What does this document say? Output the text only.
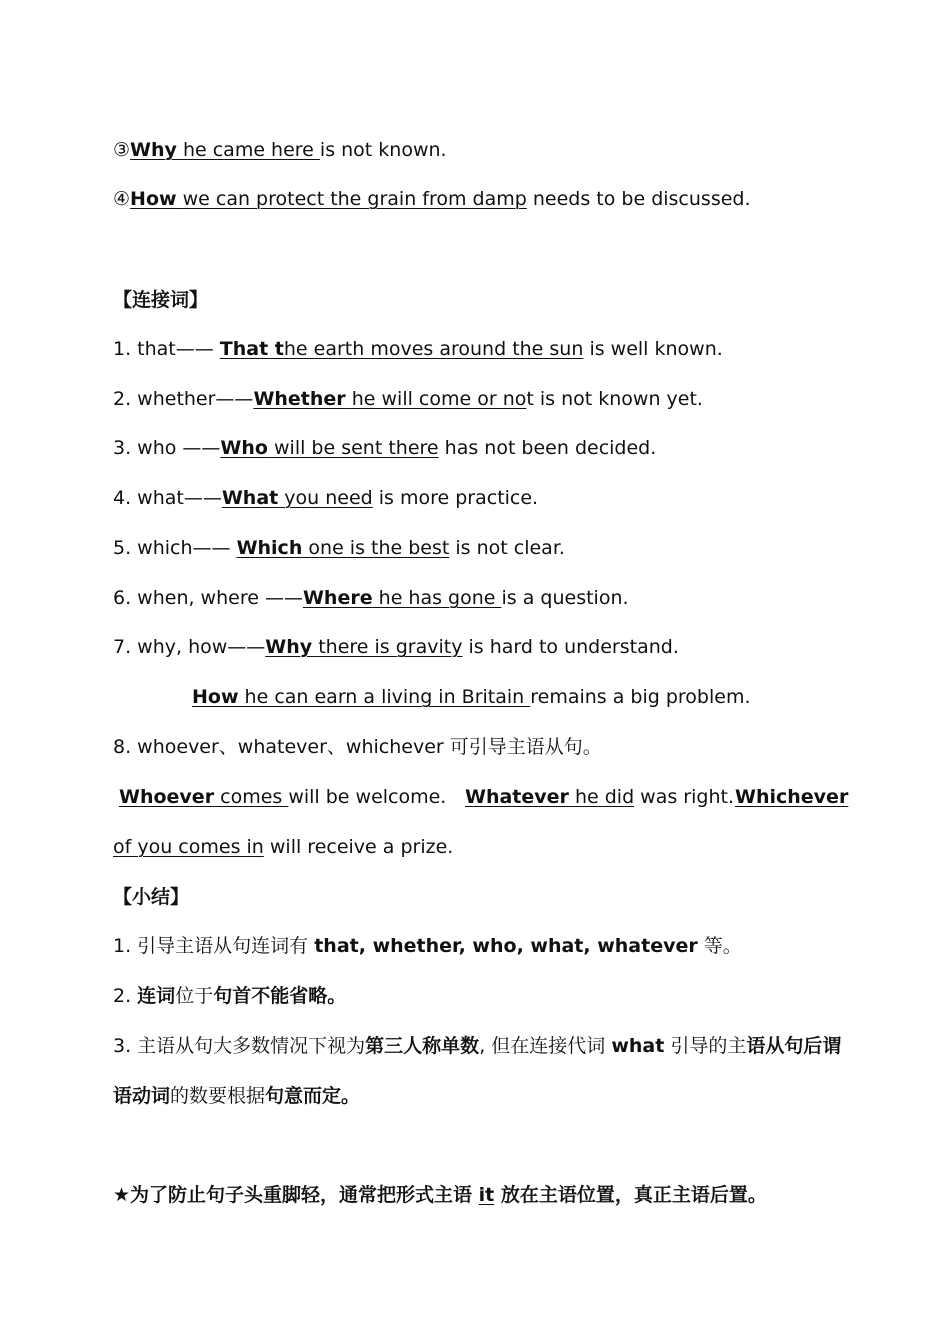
③Why he came here is not known.
④How we can protect the grain from damp needs to be discussed.
【连接词】
1. that—— That the earth moves around the sun is well known.
2. whether——Whether he will come or not is not known yet.
3. who ——Who will be sent there has not been decided.
4. what——What you need is more practice.
5. which—— Which one is the best is not clear.
6. when, where ——Where he has gone is a question.
7. why, how——Why there is gravity is hard to understand.
How he can earn a living in Britain remains a big problem.
8. whoever、whatever、whichever 可引导主语从句。
Whoever comes will be welcome. Whatever he did was right. Whichever
of you comes in will receive a prize.
【小结】
1. 引导主语从句连词有 that, whether, who, what, whatever 等。
2. 连词位于句首不能省略。
3. 主语从句大多数情况下视为第三人称单数, 但在连接代词 what 引导的主语从句后谓
语动词的数要根据句意而定。
★为了防止句子头重脚轻，通常把形式主语 it 放在主语位置，真正主语后置。
